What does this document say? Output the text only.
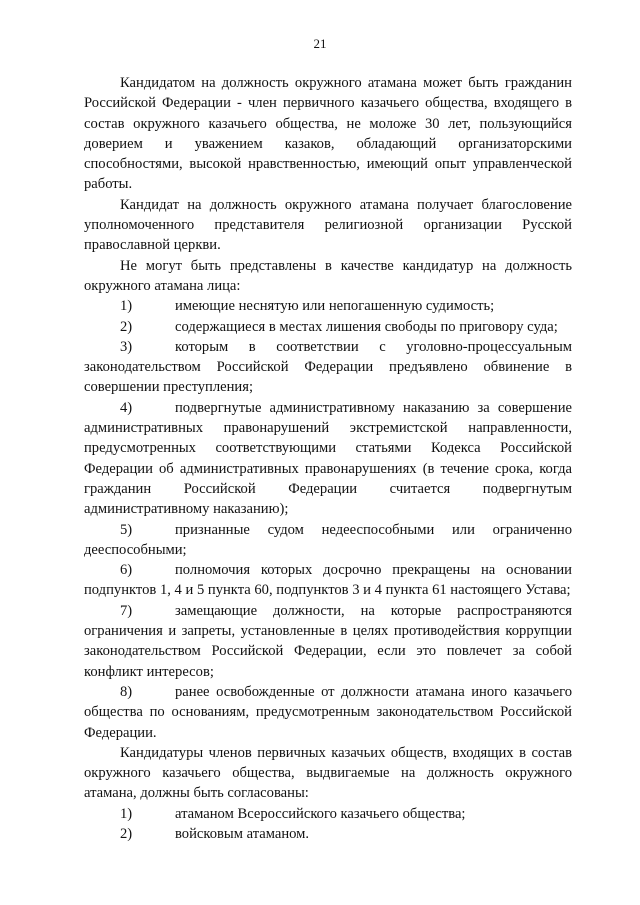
21

Кандидатом на должность окружного атамана может быть гражданин Российской Федерации - член первичного казачьего общества, входящего в состав окружного казачьего общества, не моложе 30 лет, пользующийся доверием и уважением казаков, обладающий организаторскими способностями, высокой нравственностью, имеющий опыт управленческой работы.

Кандидат на должность окружного атамана получает благословение уполномоченного представителя религиозной организации Русской православной церкви.

Не могут быть представлены в качестве кандидатур на должность окружного атамана лица:

1)	имеющие неснятую или непогашенную судимость;

2)	содержащиеся в местах лишения свободы по приговору суда;

3)	которым в соответствии с уголовно-процессуальным законодательством Российской Федерации предъявлено обвинение в совершении преступления;

4)	подвергнутые административному наказанию за совершение административных правонарушений экстремистской направленности, предусмотренных соответствующими статьями Кодекса Российской Федерации об административных правонарушениях (в течение срока, когда гражданин Российской Федерации считается подвергнутым административному наказанию);

5)	признанные судом недееспособными или ограниченно дееспособными;

6)	полномочия которых досрочно прекращены на основании подпунктов 1, 4 и 5 пункта 60, подпунктов 3 и 4 пункта 61 настоящего Устава;

7)	замещающие должности, на которые распространяются ограничения и запреты, установленные в целях противодействия коррупции законодательством Российской Федерации, если это повлечет за собой конфликт интересов;

8)	ранее освобожденные от должности атамана иного казачьего общества по основаниям, предусмотренным законодательством Российской Федерации.

Кандидатуры членов первичных казачьих обществ, входящих в состав окружного казачьего общества, выдвигаемые на должность окружного атамана, должны быть согласованы:

1)	атаманом Всероссийского казачьего общества;

2)	войсковым атаманом.
